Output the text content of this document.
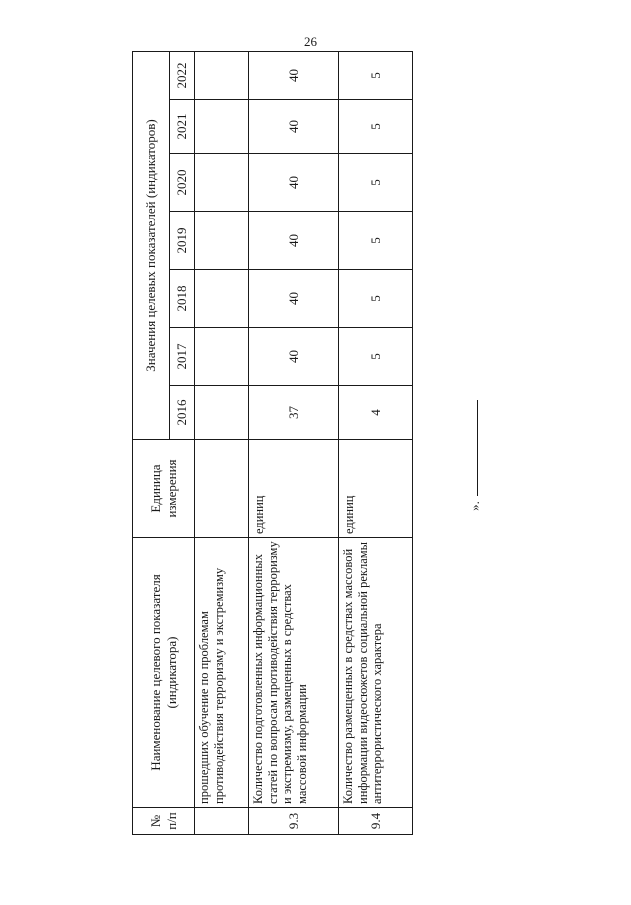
26
№ п/п	Наименование целевого показателя (индикатора)	Единица измерения	Значения целевых показателей (индикаторов)						
			2016	2017	2018	2019	2020	2021	2022
	прошедших обучение по проблемам противодействия терроризму и экстремизму								
9.3	Количество подготовленных информационных статей по вопросам противодействия терроризму и экстремизму, размещенных в средствах массовой информации	единиц	37	40	40	40	40	40	40
9.4	Количество размещенных в средствах массовой информации видеосюжетов социальной рекламы антитеррористического характера	единиц	4	5	5	5	5	5	5
».
